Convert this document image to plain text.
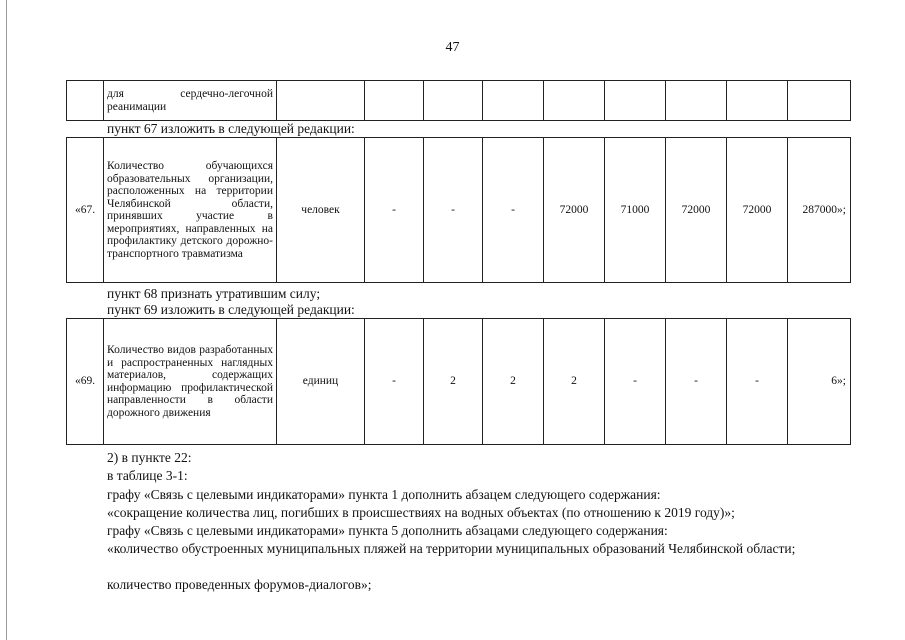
47
	для сердечно-легочной реанимации									
пункт 67 изложить в следующей редакции:
«67.	Количество обучающихся образовательных организации, расположенных на территории Челябинской области, принявших участие в мероприятиях, направленных на профилактику детского дорожно-транспортного травматизма	человек	-	-	-	72000	71000	72000	72000	287000»;
пункт 68 признать утратившим силу;
пункт 69 изложить в следующей редакции:
«69.	Количество видов разработанных и распространенных наглядных материалов, содержащих информацию профилактической направленности в области дорожного движения	единиц	-	2	2	2	-	-	-	6»;
2) в пункте 22:
в таблице 3-1:
графу «Связь с целевыми индикаторами» пункта 1 дополнить абзацем следующего содержания:
«сокращение количества лиц, погибших в происшествиях на водных объектах (по отношению к 2019 году)»;
графу «Связь с целевыми индикаторами» пункта 5 дополнить абзацами следующего содержания:
«количество обустроенных муниципальных пляжей на территории муниципальных образований Челябинской области;
количество проведенных форумов-диалогов»;
